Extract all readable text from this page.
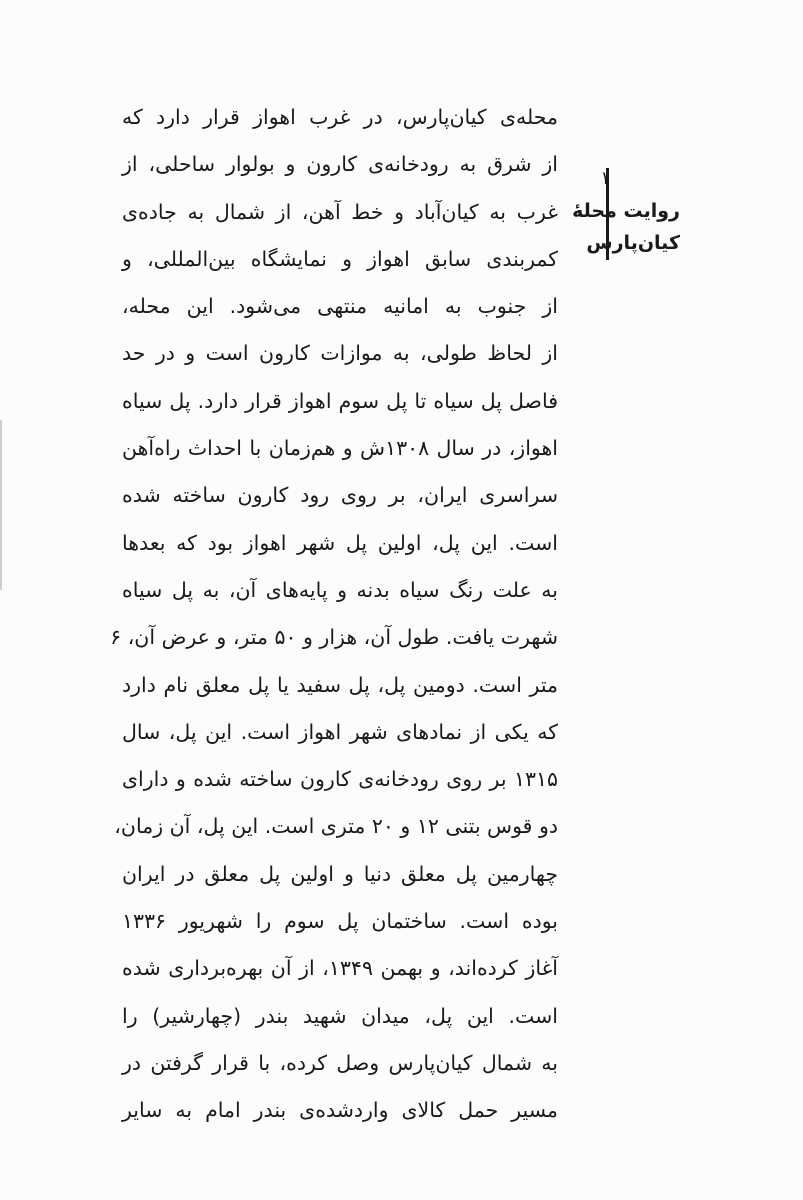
۱
روایت محلهٔ
کیان‌پارس
محله‌ی کیان‌پارس، در غرب اهواز قرار دارد که
از شرق به رودخانه‌ی کارون و بولوار ساحلی، از
غرب به کیان‌آباد و خط آهن، از شمال به جاده‌ی
کمربندی سابق اهواز و نمایشگاه بین‌المللی، و
از جنوب به امانیه منتهی می‌شود. این محله،
از لحاظ طولی، به موازات کارون است و در حد
فاصل پل سیاه تا پل سوم اهواز قرار دارد. پل سیاه
اهواز، در سال ۱۳۰۸ش و هم‌زمان با احداث راه‌آهن
سراسری ایران، بر روی رود کارون ساخته شده
است. این پل، اولین پل شهر اهواز بود که بعدها
به علت رنگ سیاه بدنه و پایه‌های آن، به پل سیاه
شهرت یافت. طول آن، هزار و ۵۰ متر، و عرض آن، ۶
متر است. دومین پل، پل سفید یا پل معلق نام دارد
که یکی از نمادهای شهر اهواز است. این پل، سال
۱۳۱۵ بر روی رودخانه‌ی کارون ساخته شده و دارای
دو قوس بتنی ۱۲ و ۲۰ متری است. این پل، آن زمان،
چهارمین پل معلق دنیا و اولین پل معلق در ایران
بوده است. ساختمان پل سوم را شهریور ۱۳۳۶
آغاز کرده‌اند، و بهمن ۱۳۴۹، از آن بهره‌برداری شده
است. این پل، میدان شهید بندر (چهارشیر) را
به شمال کیان‌پارس وصل کرده، با قرار گرفتن در
مسیر حمل کالای واردشده‌ی بندر امام به سایر
